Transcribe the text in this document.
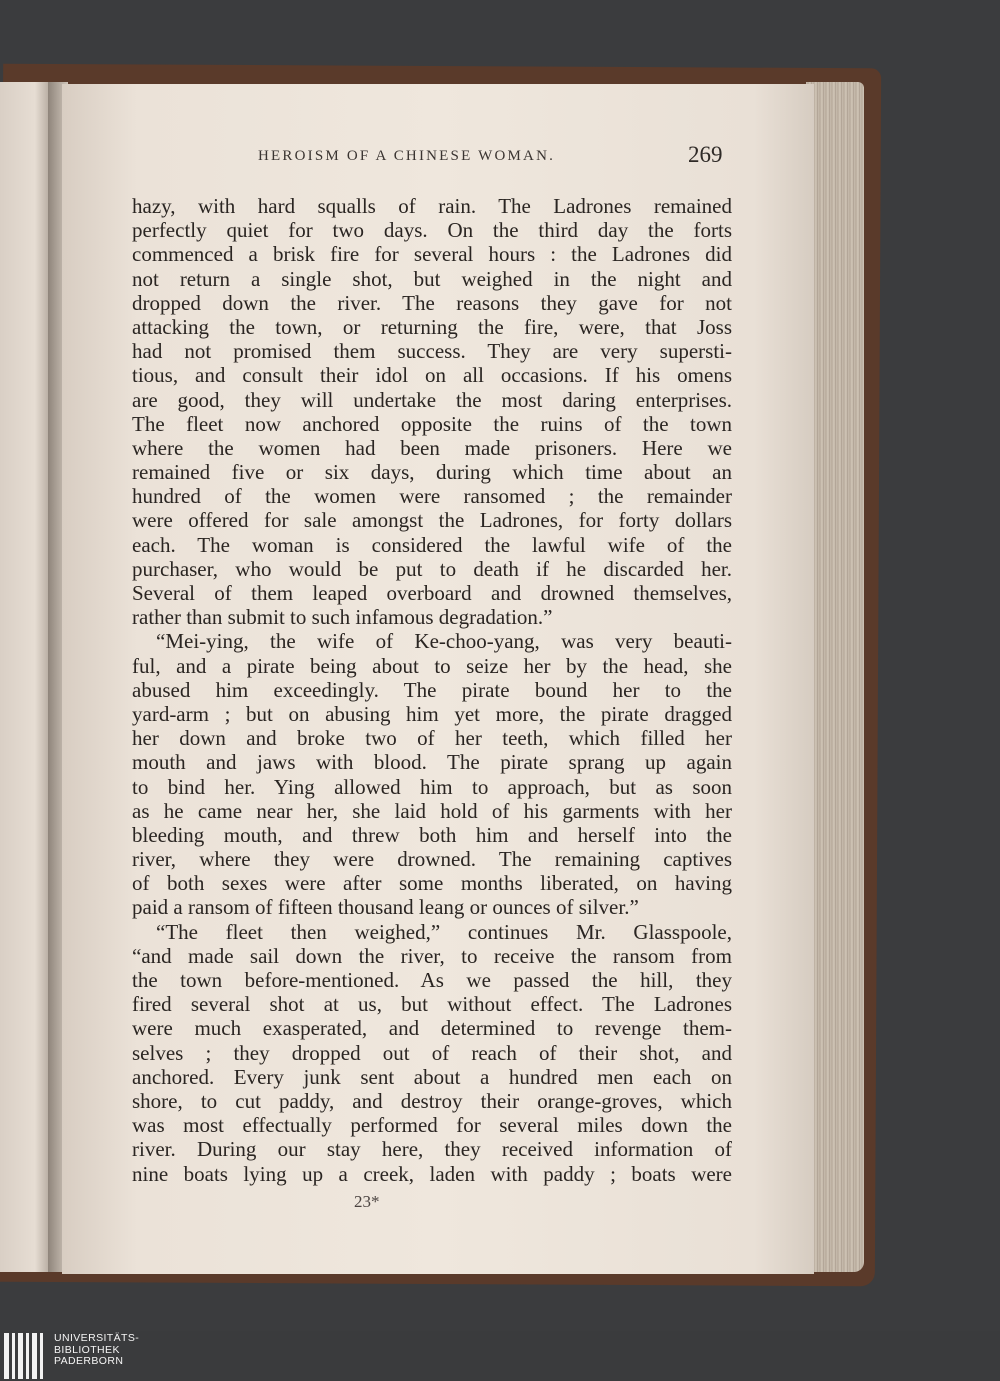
HEROISM OF A CHINESE WOMAN.	269
hazy, with hard squalls of rain. The Ladrones remained
perfectly quiet for two days. On the third day the forts
commenced a brisk fire for several hours : the Ladrones did
not return a single shot, but weighed in the night and
dropped down the river. The reasons they gave for not
attacking the town, or returning the fire, were, that Joss
had not promised them success. They are very supersti-
tious, and consult their idol on all occasions. If his omens
are good, they will undertake the most daring enterprises.
The fleet now anchored opposite the ruins of the town
where the women had been made prisoners. Here we
remained five or six days, during which time about an
hundred of the women were ransomed ; the remainder
were offered for sale amongst the Ladrones, for forty dollars
each. The woman is considered the lawful wife of the
purchaser, who would be put to death if he discarded her.
Several of them leaped overboard and drowned themselves,
rather than submit to such infamous degradation.”
“Mei-ying, the wife of Ke-choo-yang, was very beauti-
ful, and a pirate being about to seize her by the head, she
abused him exceedingly. The pirate bound her to the
yard-arm ; but on abusing him yet more, the pirate dragged
her down and broke two of her teeth, which filled her
mouth and jaws with blood. The pirate sprang up again
to bind her. Ying allowed him to approach, but as soon
as he came near her, she laid hold of his garments with her
bleeding mouth, and threw both him and herself into the
river, where they were drowned. The remaining captives
of both sexes were after some months liberated, on having
paid a ransom of fifteen thousand leang or ounces of silver.”
“The fleet then weighed,” continues Mr. Glasspoole,
“and made sail down the river, to receive the ransom from
the town before-mentioned. As we passed the hill, they
fired several shot at us, but without effect. The Ladrones
were much exasperated, and determined to revenge them-
selves ; they dropped out of reach of their shot, and
anchored. Every junk sent about a hundred men each on
shore, to cut paddy, and destroy their orange-groves, which
was most effectually performed for several miles down the
river. During our stay here, they received information of
nine boats lying up a creek, laden with paddy ; boats were
23*
UNIVERSITÄTS-
BIBLIOTHEK
PADERBORN
